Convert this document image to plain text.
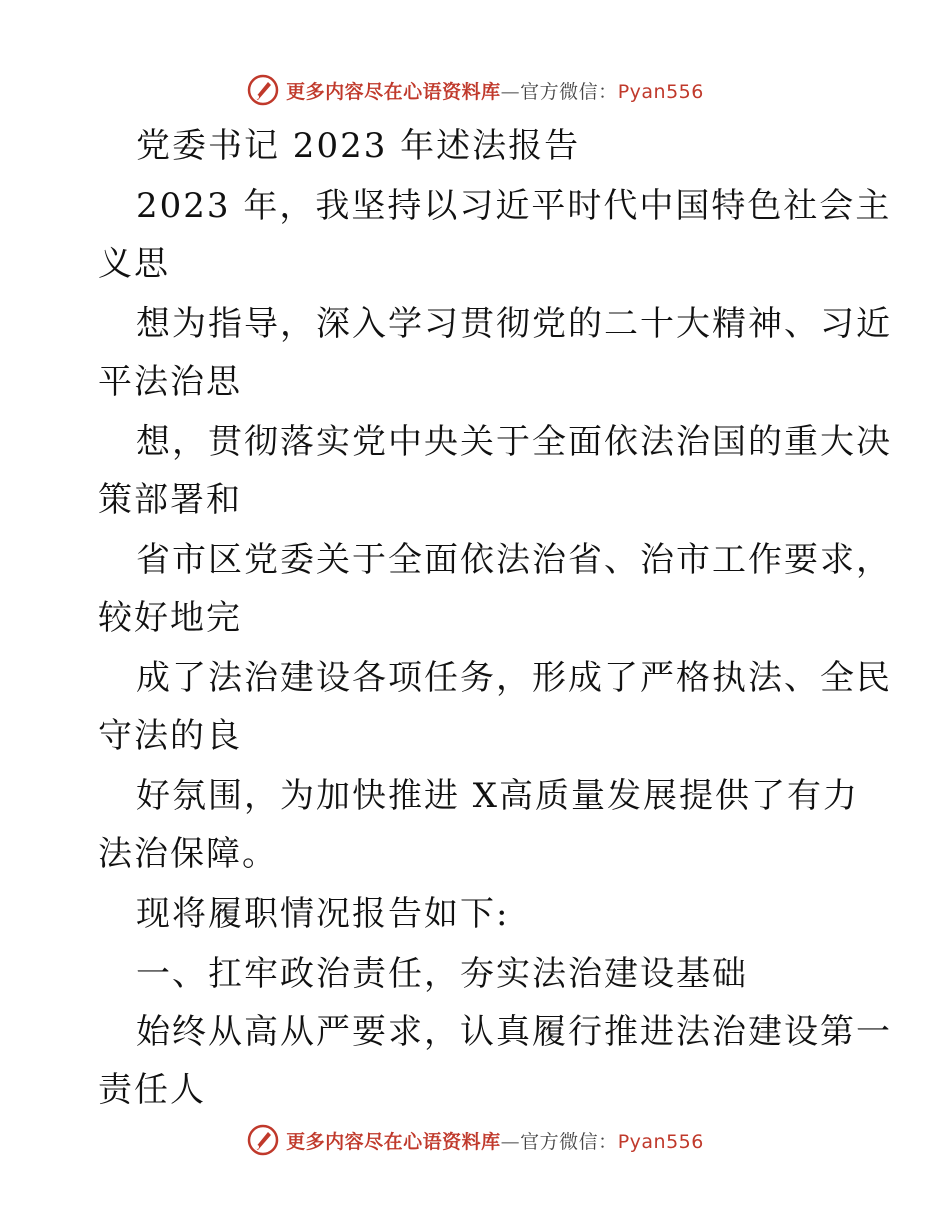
更多内容尽在心语资料库—官方微信：Pyan556
党委书记 2023 年述法报告
2023 年，我坚持以习近平时代中国特色社会主
义思
想为指导，深入学习贯彻党的二十大精神、习近
平法治思
想，贯彻落实党中央关于全面依法治国的重大决
策部署和
省市区党委关于全面依法治省、治市工作要求，
较好地完
成了法治建设各项任务，形成了严格执法、全民
守法的良
好氛围，为加快推进 X高质量发展提供了有力
法治保障。
现将履职情况报告如下:
一、扛牢政治责任，夯实法治建设基础
始终从高从严要求，认真履行推进法治建设第一
责任人
更多内容尽在心语资料库—官方微信：Pyan556
